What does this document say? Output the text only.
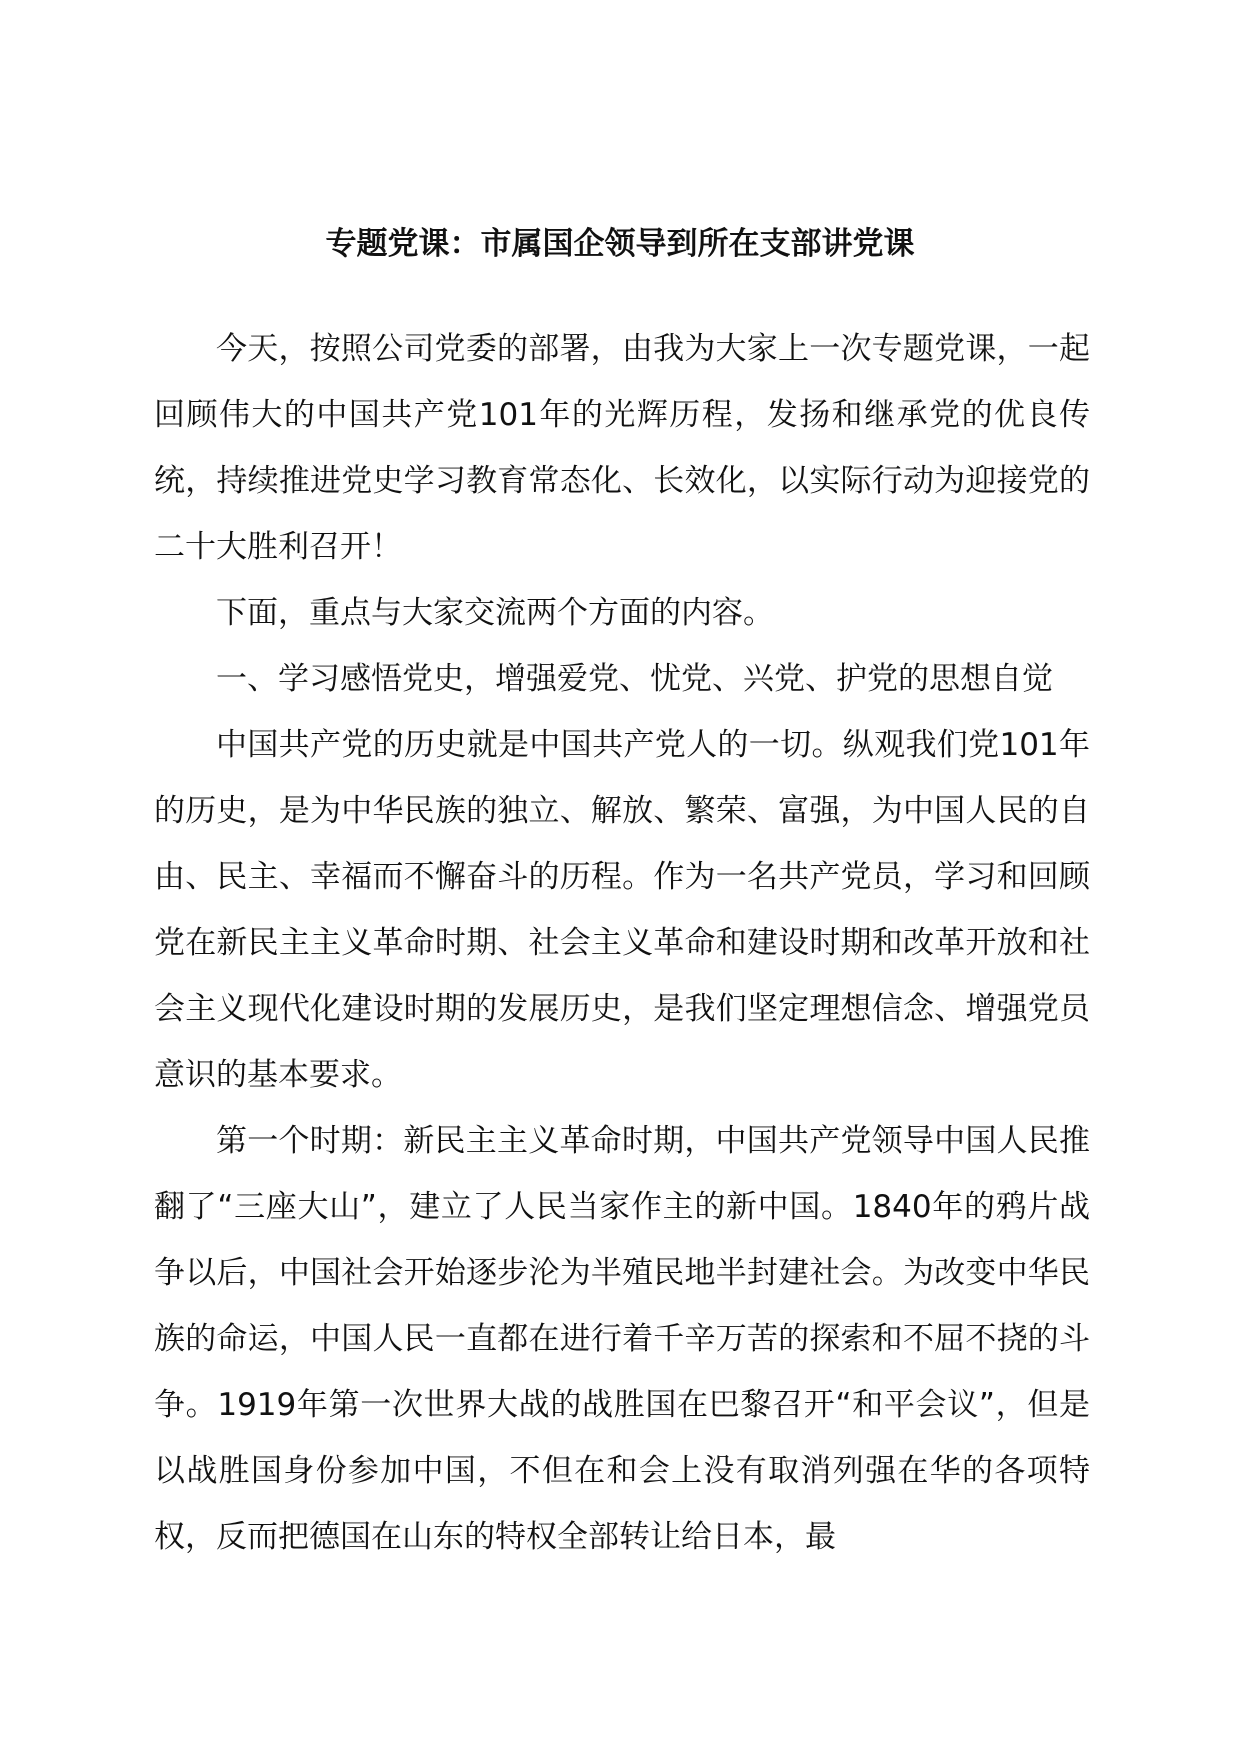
专题党课：市属国企领导到所在支部讲党课

今天，按照公司党委的部署，由我为大家上一次专题党课，一起回顾伟大的中国共产党101年的光辉历程，发扬和继承党的优良传统，持续推进党史学习教育常态化、长效化，以实际行动为迎接党的二十大胜利召开！

下面，重点与大家交流两个方面的内容。

一、学习感悟党史，增强爱党、忧党、兴党、护党的思想自觉

中国共产党的历史就是中国共产党人的一切。纵观我们党101年的历史，是为中华民族的独立、解放、繁荣、富强，为中国人民的自由、民主、幸福而不懈奋斗的历程。作为一名共产党员，学习和回顾党在新民主主义革命时期、社会主义革命和建设时期和改革开放和社会主义现代化建设时期的发展历史，是我们坚定理想信念、增强党员意识的基本要求。

第一个时期：新民主主义革命时期，中国共产党领导中国人民推翻了“三座大山”，建立了人民当家作主的新中国。1840年的鸦片战争以后，中国社会开始逐步沦为半殖民地半封建社会。为改变中华民族的命运，中国人民一直都在进行着千辛万苦的探索和不屈不挠的斗争。1919年第一次世界大战的战胜国在巴黎召开“和平会议”，但是以战胜国身份参加中国，不但在和会上没有取消列强在华的各项特权，反而把德国在山东的特权全部转让给日本，最
